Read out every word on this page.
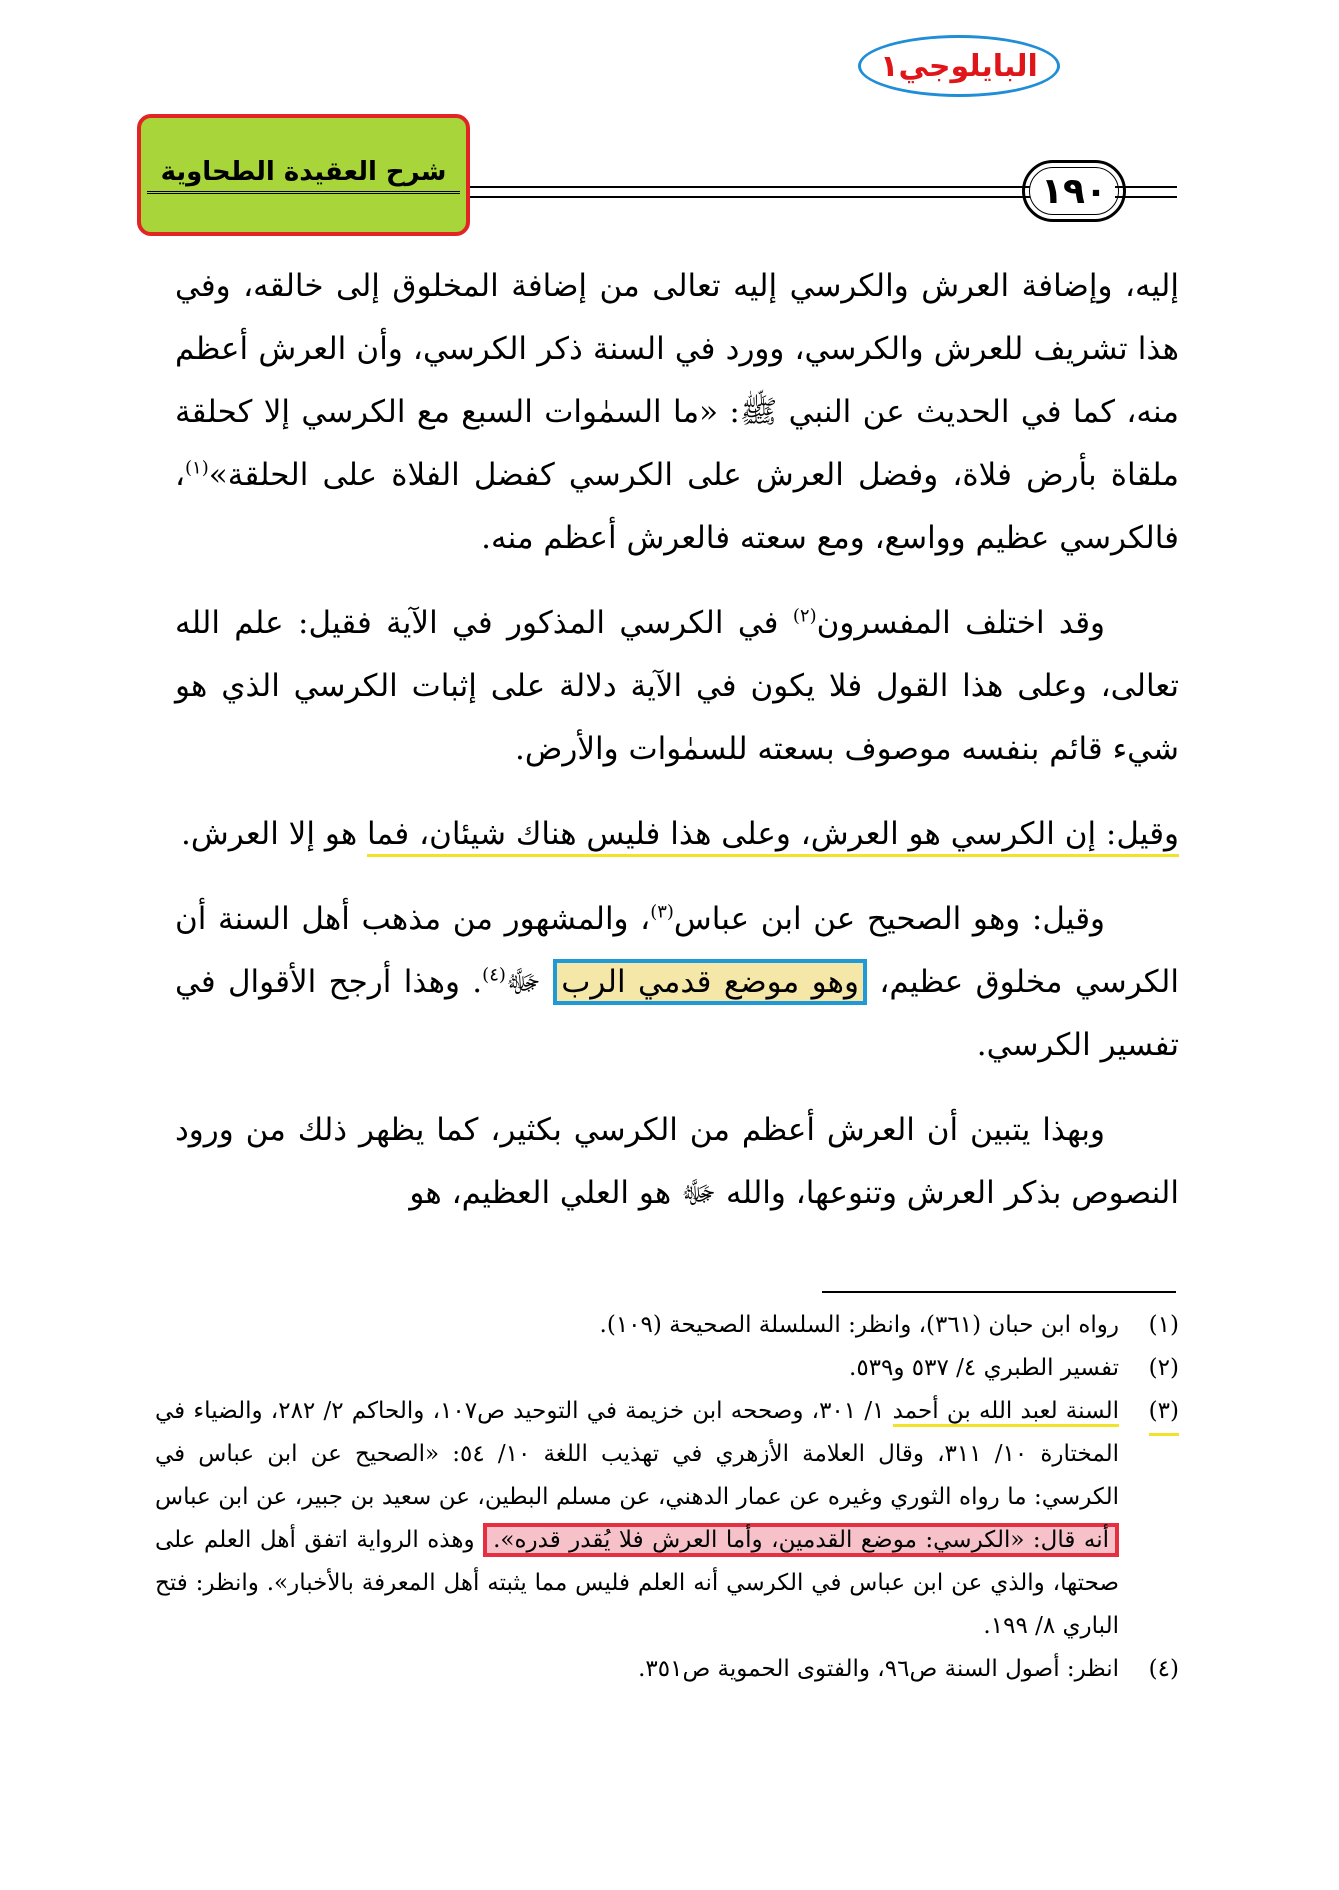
البايلوجي١
شرح العقيدة الطحاوية	١٩٠

إليه، وإضافة العرش والكرسي إليه تعالى من إضافة المخلوق إلى خالقه، وفي هذا تشريف للعرش والكرسي، وورد في السنة ذكر الكرسي، وأن العرش أعظم منه، كما في الحديث عن النبي ﷺ: «ما السمٰوات السبع مع الكرسي إلا كحلقة ملقاة بأرض فلاة، وفضل العرش على الكرسي كفضل الفلاة على الحلقة»$^{(١)}$، فالكرسي عظيم وواسع، ومع سعته فالعرش أعظم منه.

وقد اختلف المفسرون$^{(٢)}$ في الكرسي المذكور في الآية فقيل: علم الله تعالى، وعلى هذا القول فلا يكون في الآية دلالة على إثبات الكرسي الذي هو شيء قائم بنفسه موصوف بسعته للسمٰوات والأرض.

وقيل: إن الكرسي هو العرش، وعلى هذا فليس هناك شيئان، فما هو إلا العرش.

وقيل: وهو الصحيح عن ابن عباس$^{(٣)}$، والمشهور من مذهب أهل السنة أن الكرسي مخلوق عظيم، وهو موضع قدمي الرب ﷻ$^{(٤)}$. وهذا أرجح الأقوال في تفسير الكرسي.

وبهذا يتبين أن العرش أعظم من الكرسي بكثير، كما يظهر ذلك من ورود النصوص بذكر العرش وتنوعها، والله ﷻ هو العلي العظيم، هو

(١)
رواه ابن حبان (٣٦١)، وانظر: السلسلة الصحيحة (١٠٩).

(٢)
تفسير الطبري ٤/ ٥٣٧ و٥٣٩.

(٣)
السنة لعبد الله بن أحمد ١/ ٣٠١، وصححه ابن خزيمة في التوحيد ص١٠٧، والحاكم ٢/ ٢٨٢، والضياء في المختارة ١٠/ ٣١١، وقال العلامة الأزهري في تهذيب اللغة ١٠/ ٥٤: «الصحيح عن ابن عباس في الكرسي: ما رواه الثوري وغيره عن عمار الدهني، عن مسلم البطين، عن سعيد بن جبير، عن ابن عباس أنه قال: «الكرسي: موضع القدمين، وأما العرش فلا يُقدر قدره». وهذه الرواية اتفق أهل العلم على صحتها، والذي عن ابن عباس في الكرسي أنه العلم فليس مما يثبته أهل المعرفة بالأخبار». وانظر: فتح الباري ٨/ ١٩٩.

(٤)
انظر: أصول السنة ص٩٦، والفتوى الحموية ص٣٥١.
